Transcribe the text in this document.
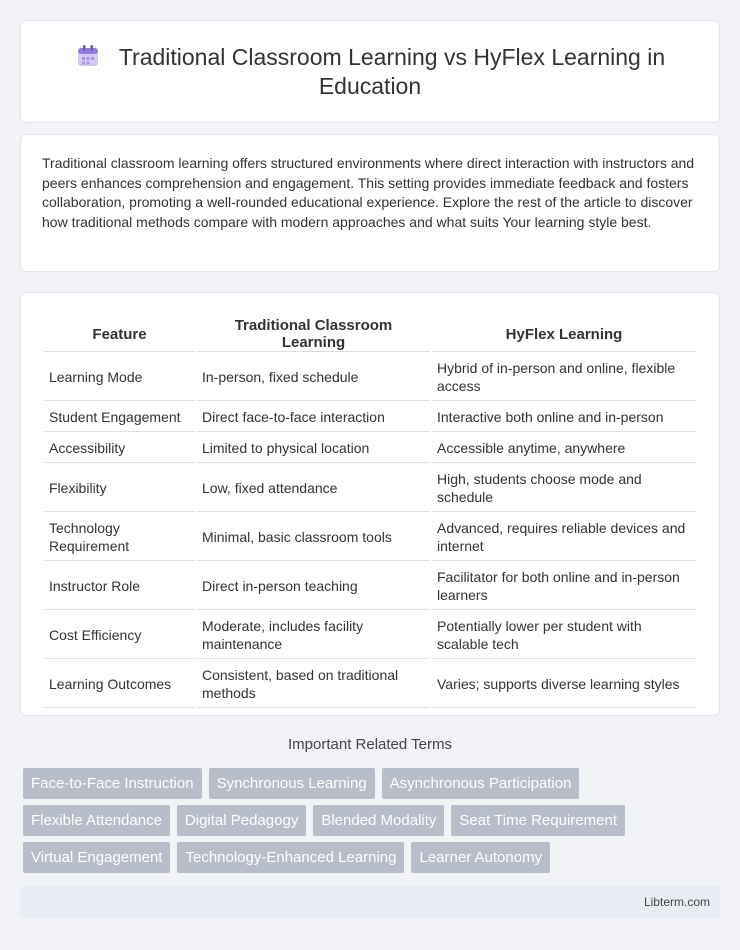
Traditional Classroom Learning vs HyFlex Learning in Education

Traditional classroom learning offers structured environments where direct interaction with instructors and peers enhances comprehension and engagement. This setting provides immediate feedback and fosters collaboration, promoting a well-rounded educational experience. Explore the rest of the article to discover how traditional methods compare with modern approaches and what suits Your learning style best.

Feature	Traditional Classroom Learning	HyFlex Learning
Learning Mode	In-person, fixed schedule	Hybrid of in-person and online, flexible access
Student Engagement	Direct face-to-face interaction	Interactive both online and in-person
Accessibility	Limited to physical location	Accessible anytime, anywhere
Flexibility	Low, fixed attendance	High, students choose mode and schedule
Technology Requirement	Minimal, basic classroom tools	Advanced, requires reliable devices and internet
Instructor Role	Direct in-person teaching	Facilitator for both online and in-person learners
Cost Efficiency	Moderate, includes facility maintenance	Potentially lower per student with scalable tech
Learning Outcomes	Consistent, based on traditional methods	Varies; supports diverse learning styles
Important Related Terms
Face-to-Face Instruction	Synchronous Learning	Asynchronous Participation
Flexible Attendance	Digital Pedagogy	Blended Modality	Seat Time Requirement
Virtual Engagement	Technology-Enhanced Learning	Learner Autonomy
Libterm.com
